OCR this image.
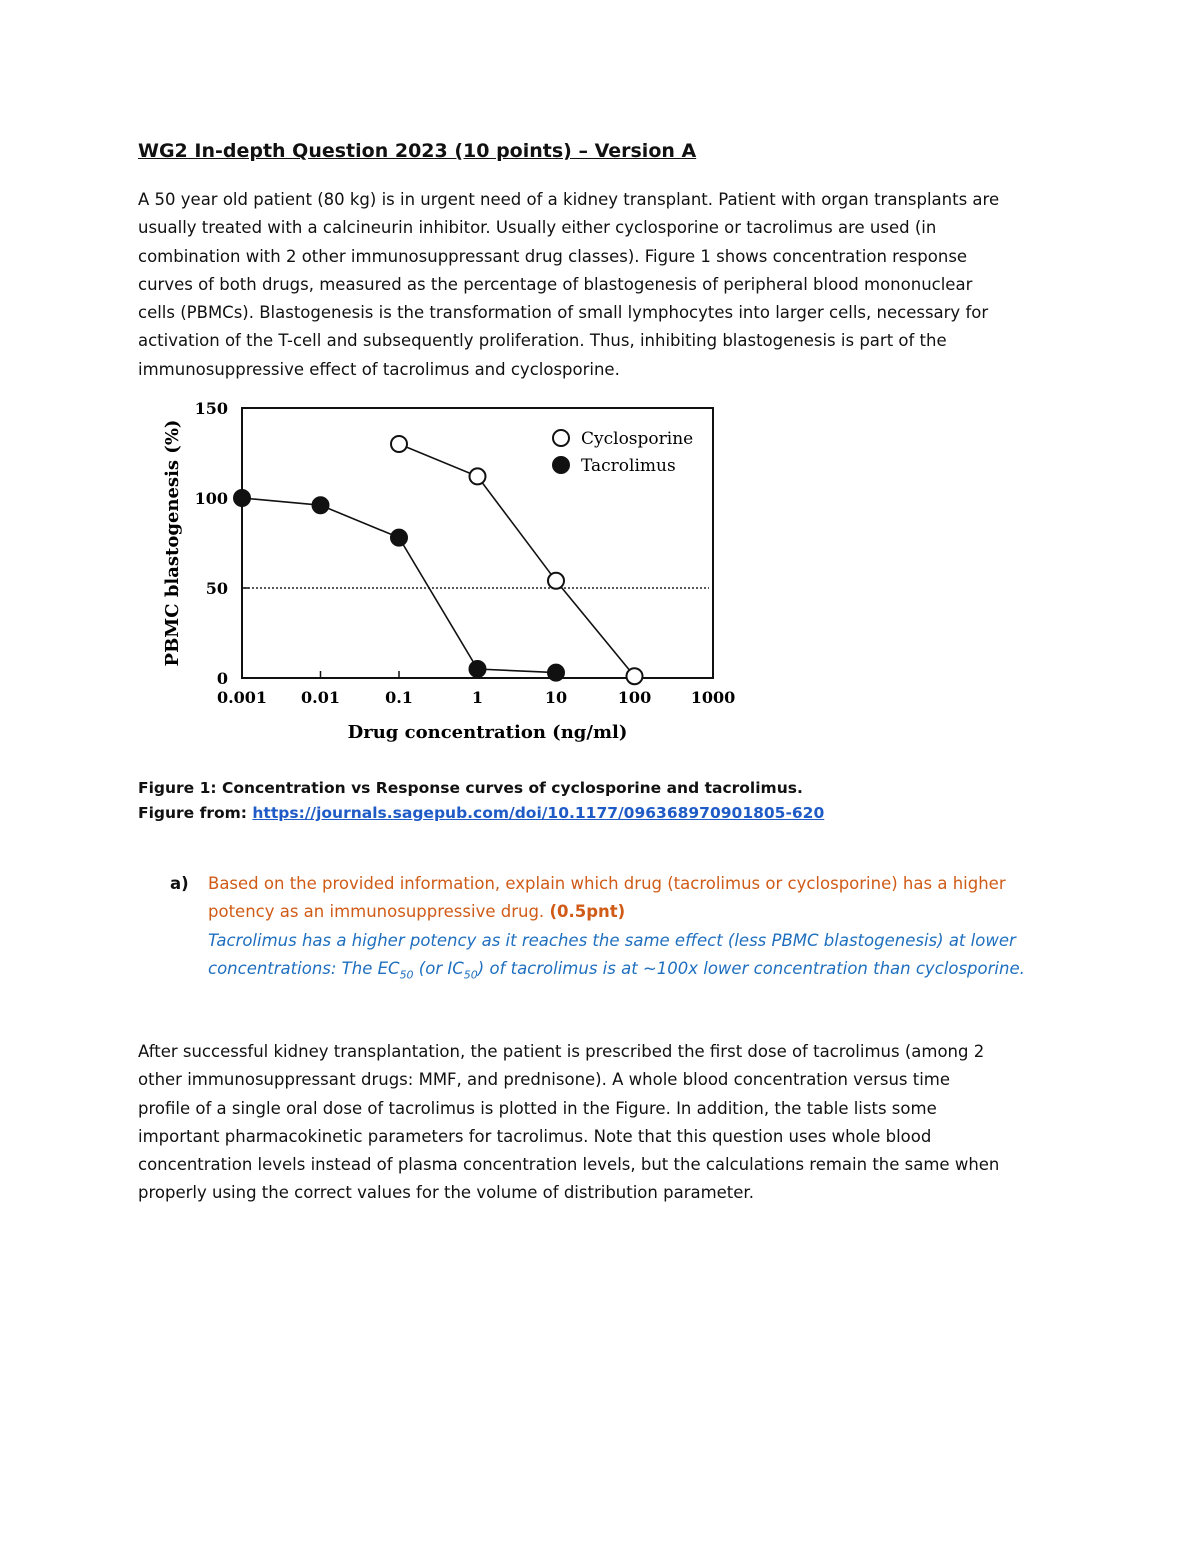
WG2 In-depth Question 2023 (10 points) – Version A
A 50 year old patient (80 kg) is in urgent need of a kidney transplant. Patient with organ transplants are
usually treated with a calcineurin inhibitor. Usually either cyclosporine or tacrolimus are used (in
combination with 2 other immunosuppressant drug classes). Figure 1 shows concentration response
curves of both drugs, measured as the percentage of blastogenesis of peripheral blood mononuclear
cells (PBMCs). Blastogenesis is the transformation of small lymphocytes into larger cells, necessary for
activation of the T-cell and subsequently proliferation. Thus, inhibiting blastogenesis is part of the
immunosuppressive effect of tacrolimus and cyclosporine.
0
50
100
150
0.001 0.01	0.1	1	10	100 1000
Drug concentration (ng/ml)
PBMC blastogenesis (%)	Cyclosporine
Tacrolimus
Figure 1: Concentration vs Response curves of cyclosporine and tacrolimus.
Figure from: https://journals.sagepub.com/doi/10.1177/096368970901805-620
a) Based on the provided information, explain which drug (tacrolimus or cyclosporine) has a higher
potency as an immunosuppressive drug. (0.5pnt)
Tacrolimus has a higher potency as it reaches the same effect (less PBMC blastogenesis) at lower
concentrations: The $EC_{50}$ (or $IC_{50}$) of tacrolimus is at ~100x lower concentration than cyclosporine.
After successful kidney transplantation, the patient is prescribed the first dose of tacrolimus (among 2
other immunosuppressant drugs: MMF, and prednisone). A whole blood concentration versus time
profile of a single oral dose of tacrolimus is plotted in the Figure. In addition, the table lists some
important pharmacokinetic parameters for tacrolimus. Note that this question uses whole blood
concentration levels instead of plasma concentration levels, but the calculations remain the same when
properly using the correct values for the volume of distribution parameter.
